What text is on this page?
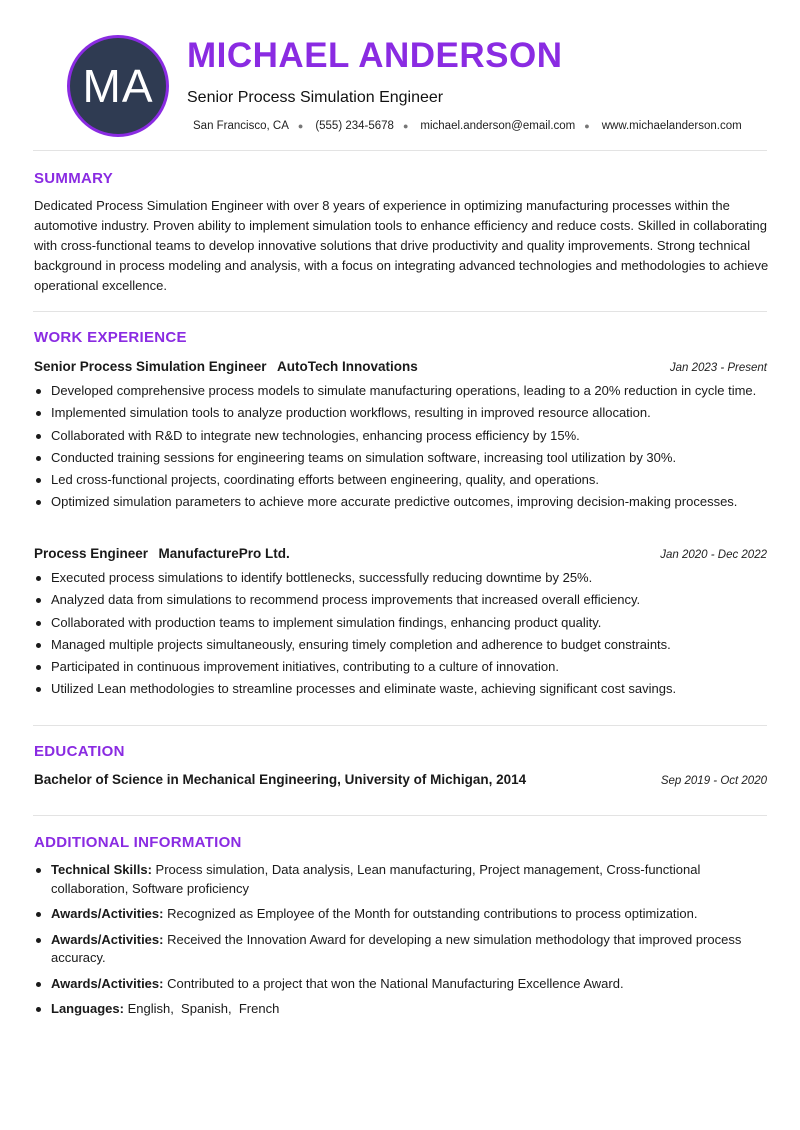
MA
MICHAEL ANDERSON
Senior Process Simulation Engineer
San Francisco, CA ● (555) 234-5678 ● michael.anderson@email.com ● www.michaelanderson.com
SUMMARY
Dedicated Process Simulation Engineer with over 8 years of experience in optimizing manufacturing processes within the automotive industry. Proven ability to implement simulation tools to enhance efficiency and reduce costs. Skilled in collaborating with cross-functional teams to develop innovative solutions that drive productivity and quality improvements. Strong technical background in process modeling and analysis, with a focus on integrating advanced technologies and methodologies to achieve operational excellence.
WORK EXPERIENCE
Senior Process Simulation Engineer AutoTech Innovations	Jan 2023 - Present
Developed comprehensive process models to simulate manufacturing operations, leading to a 20% reduction in cycle time.
Implemented simulation tools to analyze production workflows, resulting in improved resource allocation.
Collaborated with R&D to integrate new technologies, enhancing process efficiency by 15%.
Conducted training sessions for engineering teams on simulation software, increasing tool utilization by 30%.
Led cross-functional projects, coordinating efforts between engineering, quality, and operations.
Optimized simulation parameters to achieve more accurate predictive outcomes, improving decision-making processes.
Process Engineer ManufacturePro Ltd.	Jan 2020 - Dec 2022
Executed process simulations to identify bottlenecks, successfully reducing downtime by 25%.
Analyzed data from simulations to recommend process improvements that increased overall efficiency.
Collaborated with production teams to implement simulation findings, enhancing product quality.
Managed multiple projects simultaneously, ensuring timely completion and adherence to budget constraints.
Participated in continuous improvement initiatives, contributing to a culture of innovation.
Utilized Lean methodologies to streamline processes and eliminate waste, achieving significant cost savings.
EDUCATION
Bachelor of Science in Mechanical Engineering, University of Michigan, 2014	Sep 2019 - Oct 2020
ADDITIONAL INFORMATION
Technical Skills: Process simulation, Data analysis, Lean manufacturing, Project management, Cross-functional collaboration, Software proficiency
Awards/Activities: Recognized as Employee of the Month for outstanding contributions to process optimization.
Awards/Activities: Received the Innovation Award for developing a new simulation methodology that improved process accuracy.
Awards/Activities: Contributed to a project that won the National Manufacturing Excellence Award.
Languages: English,  Spanish,  French
